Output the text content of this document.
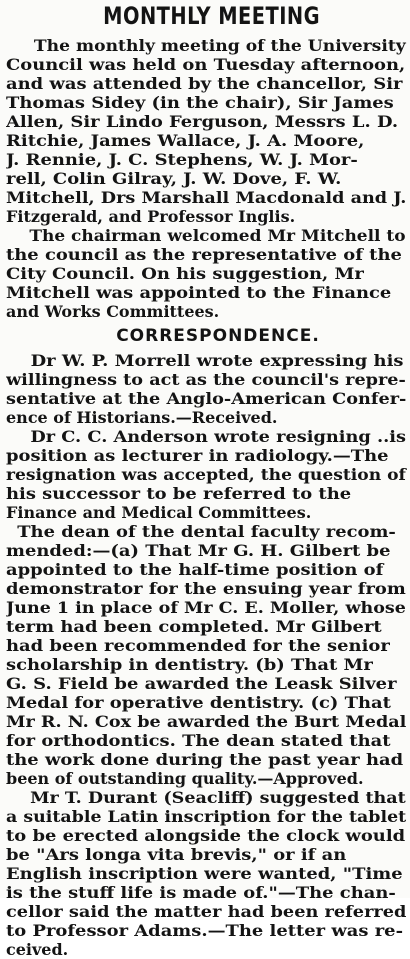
MONTHLY MEETING
The monthly meeting of the University
Council was held on Tuesday afternoon,
and was attended by the chancellor, Sir
Thomas Sidey (in the chair), Sir James
Allen, Sir Lindo Ferguson, Messrs L. D.
Ritchie, James Wallace, J. A. Moore,
J. Rennie, J. C. Stephens, W. J. Mor-
rell, Colin Gilray, J. W. Dove, F. W.
Mitchell, Drs Marshall Macdonald and J.
Fitzgerald, and Professor Inglis.
The chairman welcomed Mr Mitchell to
the council as the representative of the
City Council. On his suggestion, Mr
Mitchell was appointed to the Finance
and Works Committees.
CORRESPONDENCE.
Dr W. P. Morrell wrote expressing his
willingness to act as the council's repre-
sentative at the Anglo-American Confer-
ence of Historians.—Received.
Dr C. C. Anderson wrote resigning ..is
position as lecturer in radiology.—The
resignation was accepted, the question of
his successor to be referred to the
Finance and Medical Committees.
The dean of the dental faculty recom-
mended:—(a) That Mr G. H. Gilbert be
appointed to the half-time position of
demonstrator for the ensuing year from
June 1 in place of Mr C. E. Moller, whose
term had been completed. Mr Gilbert
had been recommended for the senior
scholarship in dentistry. (b) That Mr
G. S. Field be awarded the Leask Silver
Medal for operative dentistry. (c) That
Mr R. N. Cox be awarded the Burt Medal
for orthodontics. The dean stated that
the work done during the past year had
been of outstanding quality.—Approved.
Mr T. Durant (Seacliff) suggested that
a suitable Latin inscription for the tablet
to be erected alongside the clock would
be "Ars longa vita brevis," or if an
English inscription were wanted, "Time
is the stuff life is made of."—The chan-
cellor said the matter had been referred
to Professor Adams.—The letter was re-
ceived.
